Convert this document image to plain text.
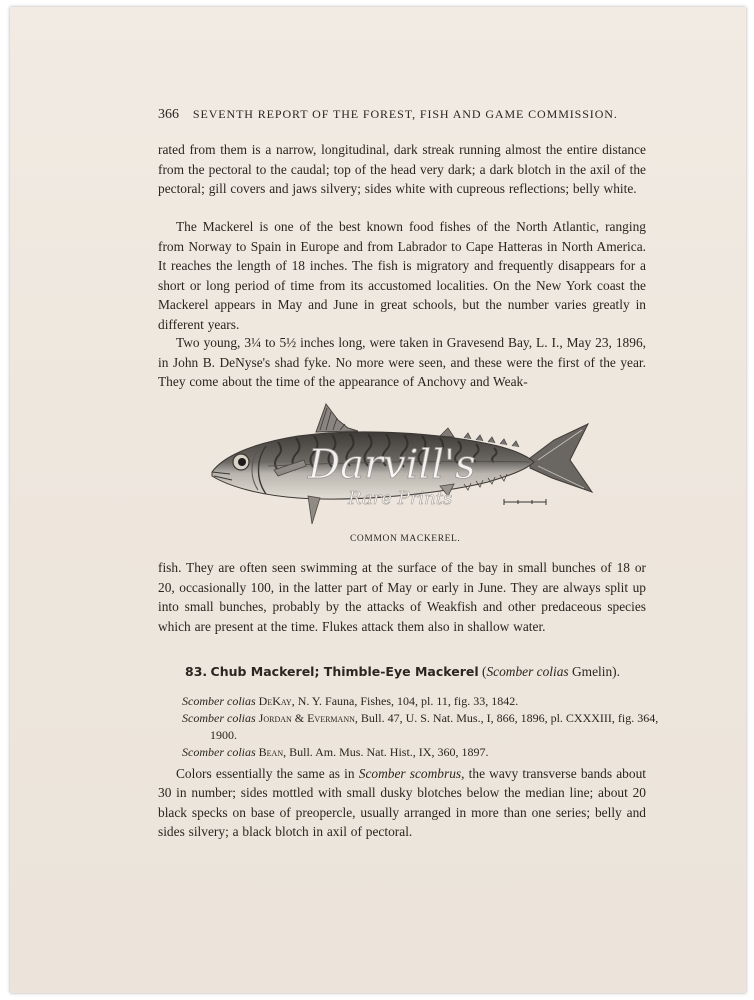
366 SEVENTH REPORT OF THE FOREST, FISH AND GAME COMMISSION.
rated from them is a narrow, longitudinal, dark streak running almost the entire distance from the pectoral to the caudal; top of the head very dark; a dark blotch in the axil of the pectoral; gill covers and jaws silvery; sides white with cupreous reflections; belly white.
The Mackerel is one of the best known food fishes of the North Atlantic, ranging from Norway to Spain in Europe and from Labrador to Cape Hatteras in North America. It reaches the length of 18 inches. The fish is migratory and frequently disappears for a short or long period of time from its accustomed localities. On the New York coast the Mackerel appears in May and June in great schools, but the number varies greatly in different years.
Two young, 3¼ to 5½ inches long, were taken in Gravesend Bay, L. I., May 23, 1896, in John B. DeNyse's shad fyke. No more were seen, and these were the first of the year. They come about the time of the appearance of Anchovy and Weak-
Darvill's
Rare Prints
COMMON MACKEREL.
fish. They are often seen swimming at the surface of the bay in small bunches of 18 or 20, occasionally 100, in the latter part of May or early in June. They are always split up into small bunches, probably by the attacks of Weakfish and other predaceous species which are present at the time. Flukes attack them also in shallow water.
83. Chub Mackerel; Thimble-Eye Mackerel (Scomber colias Gmelin).
Scomber colias DeKay, N. Y. Fauna, Fishes, 104, pl. 11, fig. 33, 1842.
Scomber colias Jordan & Evermann, Bull. 47, U. S. Nat. Mus., I, 866, 1896, pl. CXXXIII, fig. 364, 1900.
Scomber colias Bean, Bull. Am. Mus. Nat. Hist., IX, 360, 1897.
Colors essentially the same as in Scomber scombrus, the wavy transverse bands about 30 in number; sides mottled with small dusky blotches below the median line; about 20 black specks on base of preopercle, usually arranged in more than one series; belly and sides silvery; a black blotch in axil of pectoral.
